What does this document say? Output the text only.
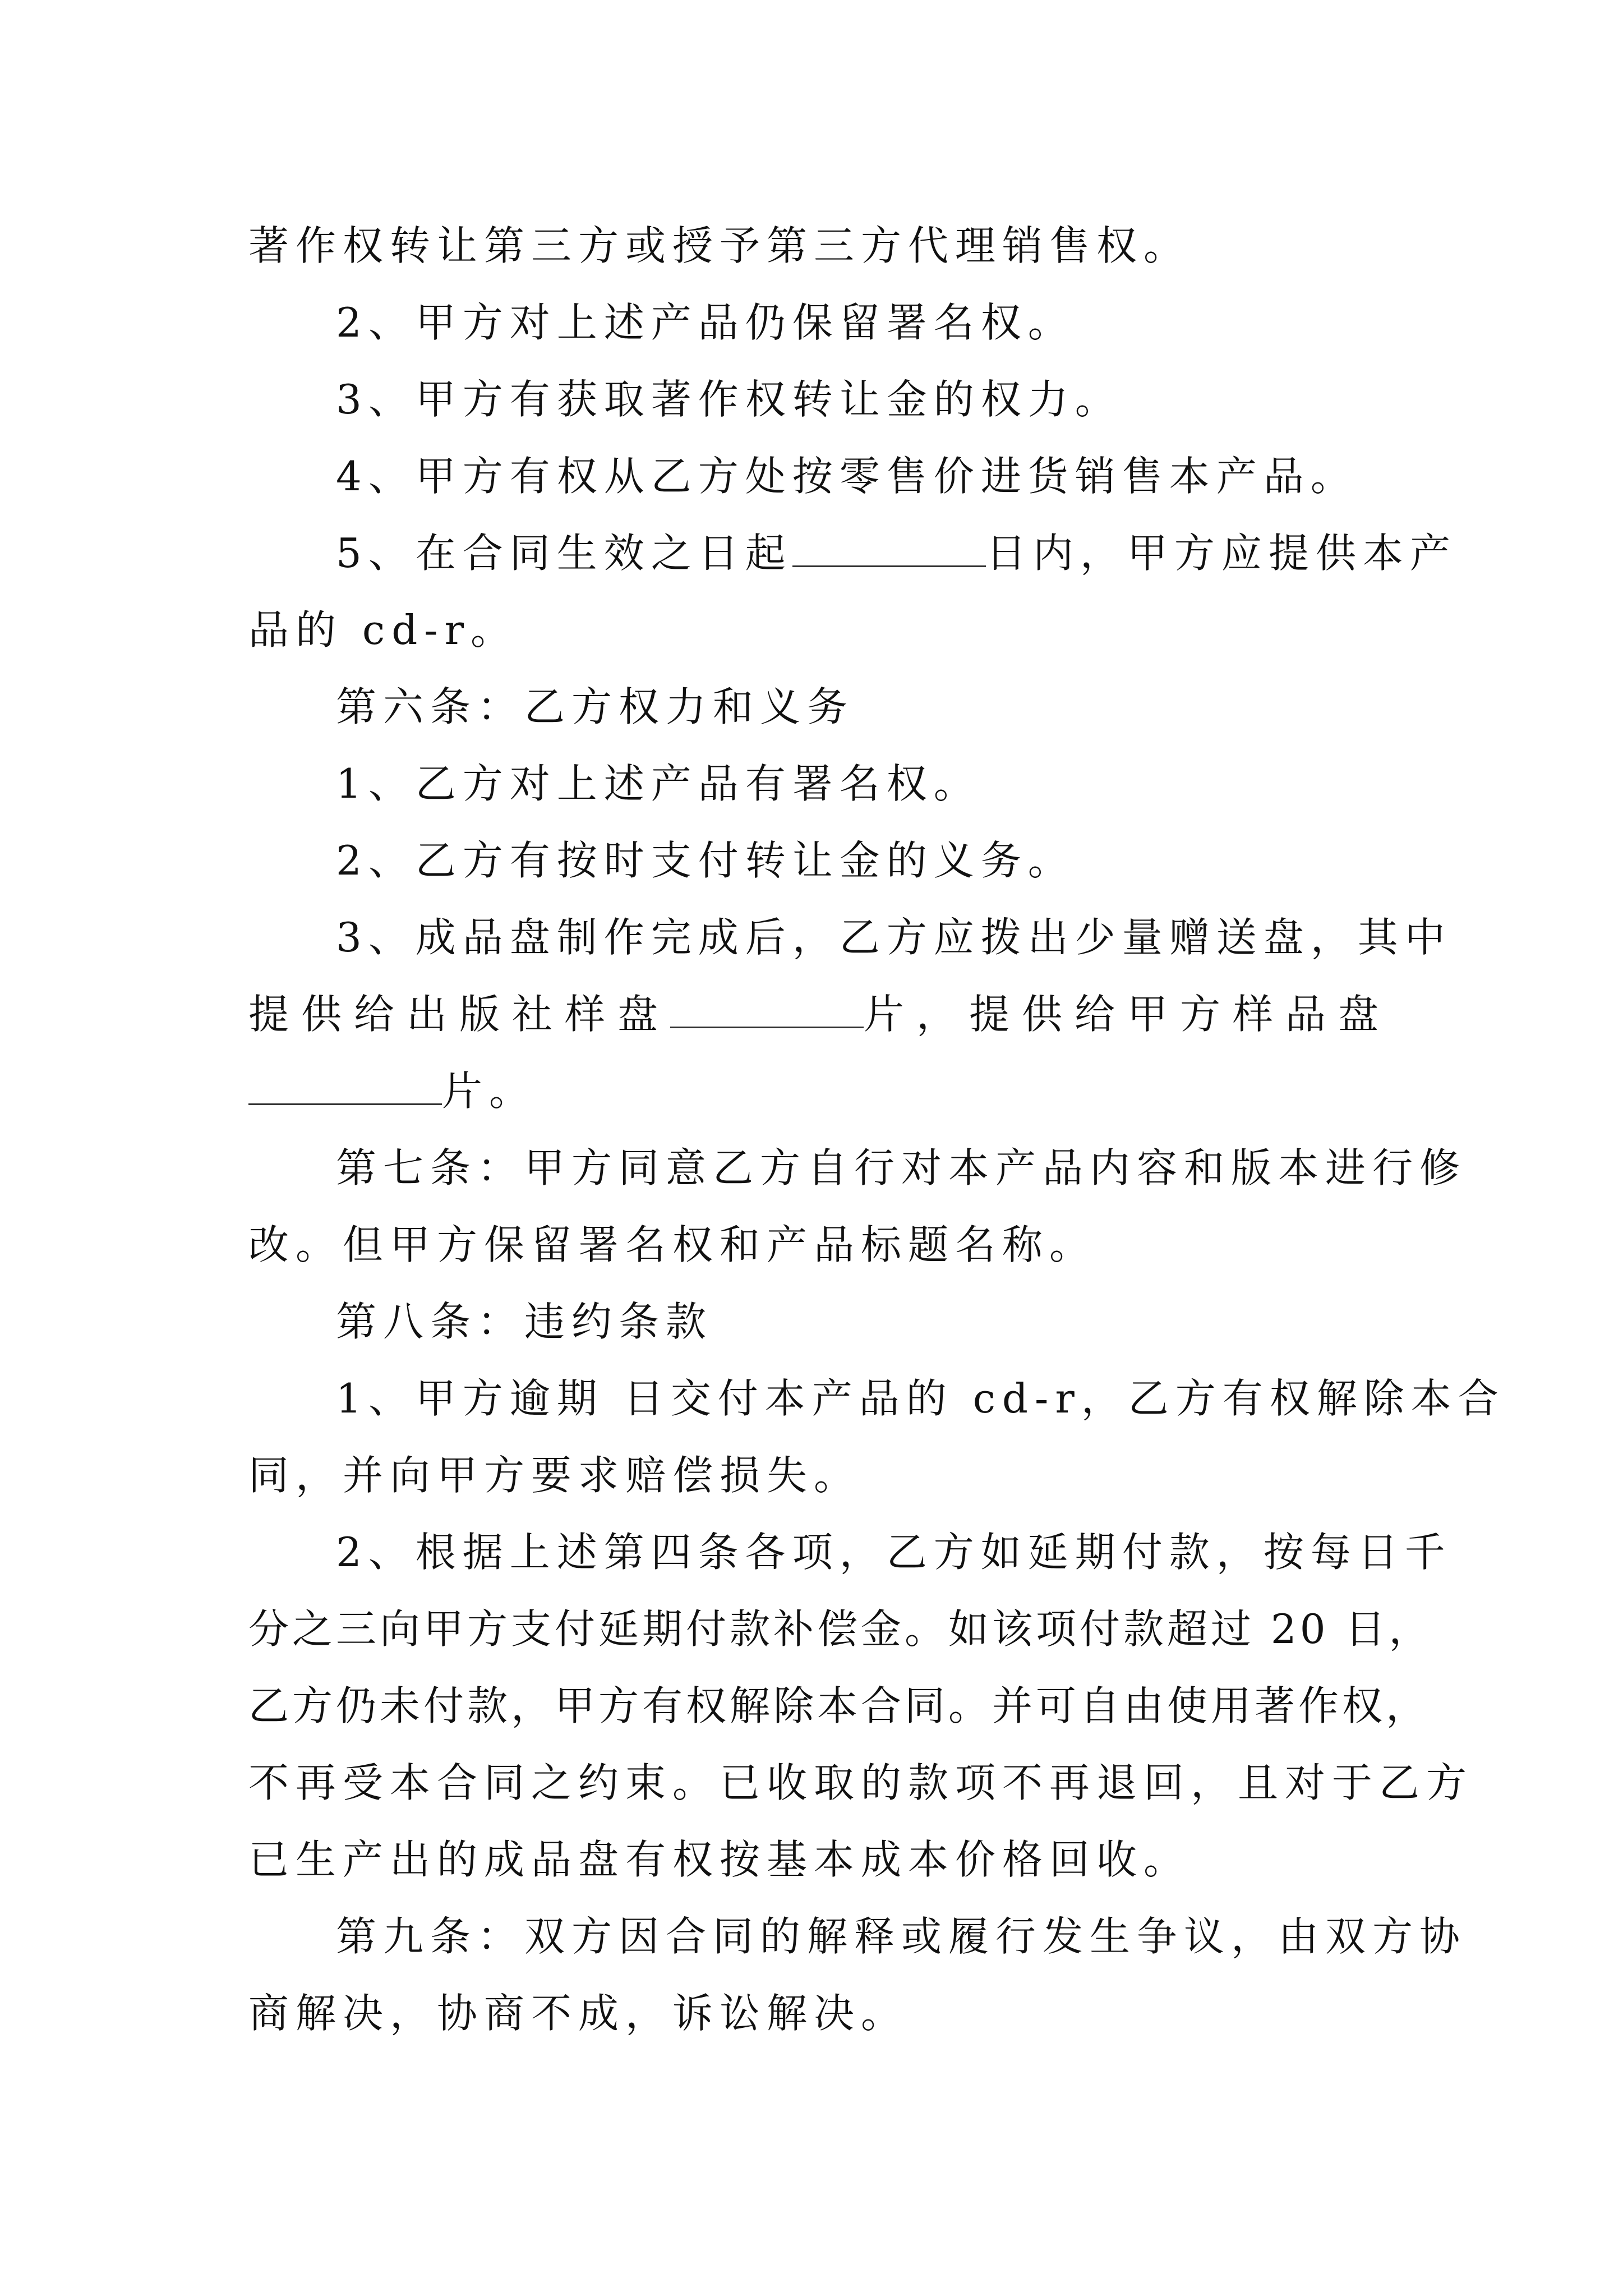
著作权转让第三方或授予第三方代理销售权。
2、甲方对上述产品仍保留署名权。
3、甲方有获取著作权转让金的权力。
4、甲方有权从乙方处按零售价进货销售本产品。
5、在合同生效之日起	日内，甲方应提供本产
品的 cd-r。
第六条：乙方权力和义务
1、乙方对上述产品有署名权。
2、乙方有按时支付转让金的义务。
3、成品盘制作完成后，乙方应拨出少量赠送盘，其中
提供给出版社样盘	片，提供给甲方样品盘
片。
第七条：甲方同意乙方自行对本产品内容和版本进行修
改。但甲方保留署名权和产品标题名称。
第八条：违约条款
1、甲方逾期 日交付本产品的 cd-r，乙方有权解除本合
同，并向甲方要求赔偿损失。
2、根据上述第四条各项，乙方如延期付款，按每日千
分之三向甲方支付延期付款补偿金。如该项付款超过 20 日，
乙方仍未付款，甲方有权解除本合同。并可自由使用著作权，
不再受本合同之约束。已收取的款项不再退回，且对于乙方
已生产出的成品盘有权按基本成本价格回收。
第九条：双方因合同的解释或履行发生争议，由双方协
商解决，协商不成，诉讼解决。
